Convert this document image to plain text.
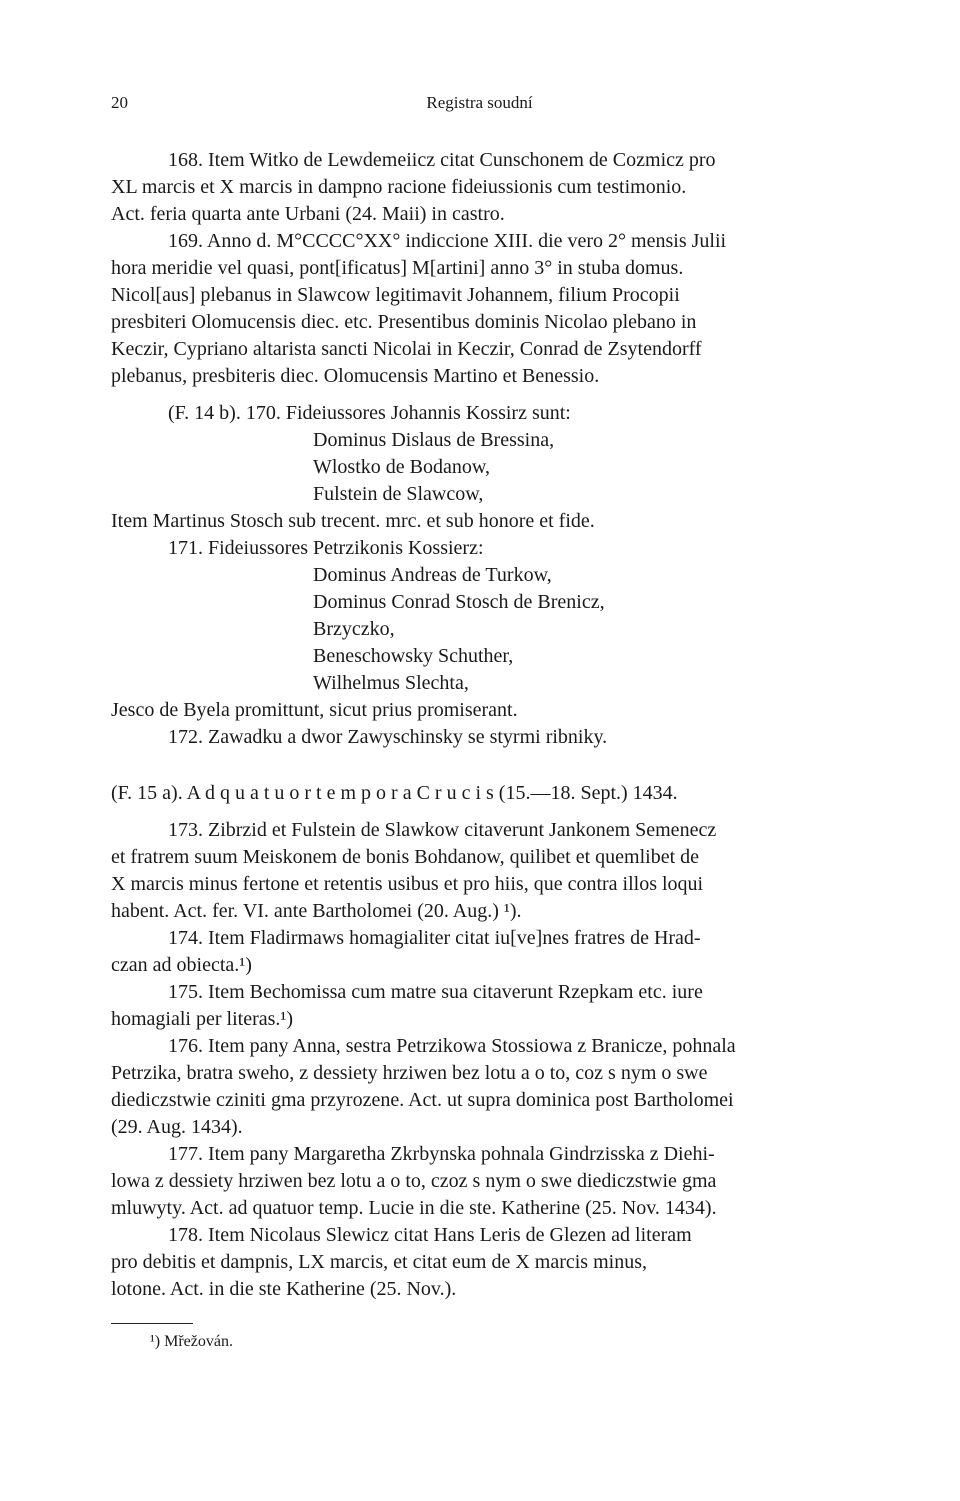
20	Registra soudní
168. Item Witko de Lewdemeiicz citat Cunschonem de Cozmicz pro
XL marcis et X marcis in dampno racione fideiussionis cum testimonio.
Act. feria quarta ante Urbani (24. Maii) in castro.
169. Anno d. M°CCCC°XX° indiccione XIII. die vero 2° mensis Julii
hora meridie vel quasi, pont[ificatus] M[artini] anno 3° in stuba domus.
Nicol[aus] plebanus in Slawcow legitimavit Johannem, filium Procopii
presbiteri Olomucensis diec. etc. Presentibus dominis Nicolao plebano in
Keczir, Cypriano altarista sancti Nicolai in Keczir, Conrad de Zsytendorff
plebanus, presbiteris diec. Olomucensis Martino et Benessio.
(F. 14 b). 170. Fideiussores Johannis Kossirz sunt:
Dominus Dislaus de Bressina,
Wlostko de Bodanow,
Fulstein de Slawcow,
Item Martinus Stosch sub trecent. mrc. et sub honore et fide.
171. Fideiussores Petrzikonis Kossierz:
Dominus Andreas de Turkow,
Dominus Conrad Stosch de Brenicz,
Brzyczko,
Beneschowsky Schuther,
Wilhelmus Slechta,
Jesco de Byela promittunt, sicut prius promiserant.
172. Zawadku a dwor Zawyschinsky se styrmi ribniky.
(F. 15 a). A d q u a t u o r t e m p o r a C r u c i s (15.—18. Sept.) 1434.
173. Zibrzid et Fulstein de Slawkow citaverunt Jankonem Semenecz
et fratrem suum Meiskonem de bonis Bohdanow, quilibet et quemlibet de
X marcis minus fertone et retentis usibus et pro hiis, que contra illos loqui
habent. Act. fer. VI. ante Bartholomei (20. Aug.) ¹).
174. Item Fladirmaws homagialiter citat iu[ve]nes fratres de Hrad-
czan ad obiecta.¹)
175. Item Bechomissa cum matre sua citaverunt Rzepkam etc. iure
homagiali per literas.¹)
176. Item pany Anna, sestra Petrzikowa Stossiowa z Branicze, pohnala
Petrzika, bratra sweho, z dessiety hrziwen bez lotu a o to, coz s nym o swe
diediczstwie cziniti gma przyrozene. Act. ut supra dominica post Bartholomei
(29. Aug. 1434).
177. Item pany Margaretha Zkrbynska pohnala Gindrzisska z Diehi-
lowa z dessiety hrziwen bez lotu a o to, czoz s nym o swe diediczstwie gma
mluwyty. Act. ad quatuor temp. Lucie in die ste. Katherine (25. Nov. 1434).
178. Item Nicolaus Slewicz citat Hans Leris de Glezen ad literam
pro debitis et dampnis, LX marcis, et citat eum de X marcis minus,
lotone. Act. in die ste Katherine (25. Nov.).
¹) Mřežován.
